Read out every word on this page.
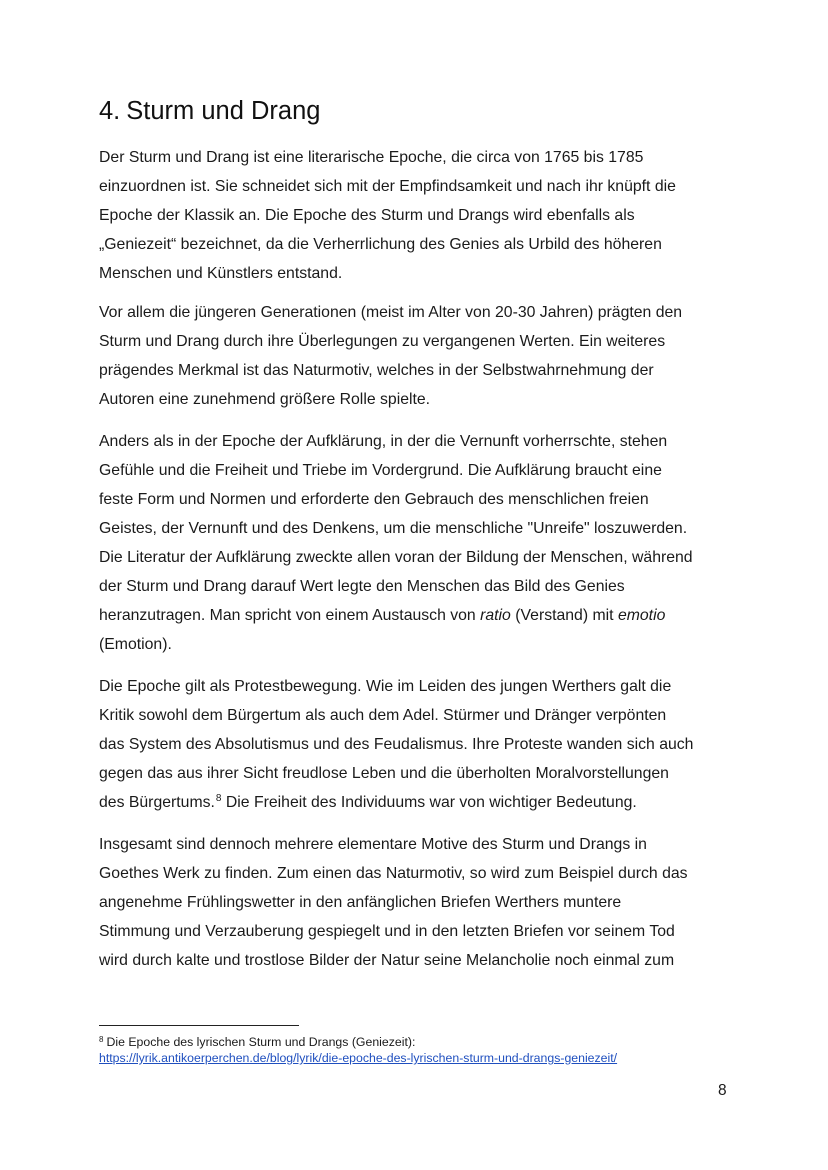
4. Sturm und Drang

Der Sturm und Drang ist eine literarische Epoche, die circa von 1765 bis 1785
einzuordnen ist. Sie schneidet sich mit der Empfindsamkeit und nach ihr knüpft die
Epoche der Klassik an. Die Epoche des Sturm und Drangs wird ebenfalls als
„Geniezeit“ bezeichnet, da die Verherrlichung des Genies als Urbild des höheren
Menschen und Künstlers entstand.

Vor allem die jüngeren Generationen (meist im Alter von 20-30 Jahren) prägten den
Sturm und Drang durch ihre Überlegungen zu vergangenen Werten. Ein weiteres
prägendes Merkmal ist das Naturmotiv, welches in der Selbstwahrnehmung der
Autoren eine zunehmend größere Rolle spielte.

Anders als in der Epoche der Aufklärung, in der die Vernunft vorherrschte, stehen
Gefühle und die Freiheit und Triebe im Vordergrund. Die Aufklärung braucht eine
feste Form und Normen und erforderte den Gebrauch des menschlichen freien
Geistes, der Vernunft und des Denkens, um die menschliche "Unreife" loszuwerden.
Die Literatur der Aufklärung zweckte allen voran der Bildung der Menschen, während
der Sturm und Drang darauf Wert legte den Menschen das Bild des Genies
heranzutragen. Man spricht von einem Austausch von ratio (Verstand) mit emotio
(Emotion).

Die Epoche gilt als Protestbewegung. Wie im Leiden des jungen Werthers galt die
Kritik sowohl dem Bürgertum als auch dem Adel. Stürmer und Dränger verpönten
das System des Absolutismus und des Feudalismus. Ihre Proteste wanden sich auch
gegen das aus ihrer Sicht freudlose Leben und die überholten Moralvorstellungen
des Bürgertums.$^8$ Die Freiheit des Individuums war von wichtiger Bedeutung.

Insgesamt sind dennoch mehrere elementare Motive des Sturm und Drangs in
Goethes Werk zu finden. Zum einen das Naturmotiv, so wird zum Beispiel durch das
angenehme Frühlingswetter in den anfänglichen Briefen Werthers muntere
Stimmung und Verzauberung gespiegelt und in den letzten Briefen vor seinem Tod
wird durch kalte und trostlose Bilder der Natur seine Melancholie noch einmal zum

$^8$ Die Epoche des lyrischen Sturm und Drangs (Geniezeit):
https://lyrik.antikoerperchen.de/blog/lyrik/die-epoche-des-lyrischen-sturm-und-drangs-geniezeit/
8
